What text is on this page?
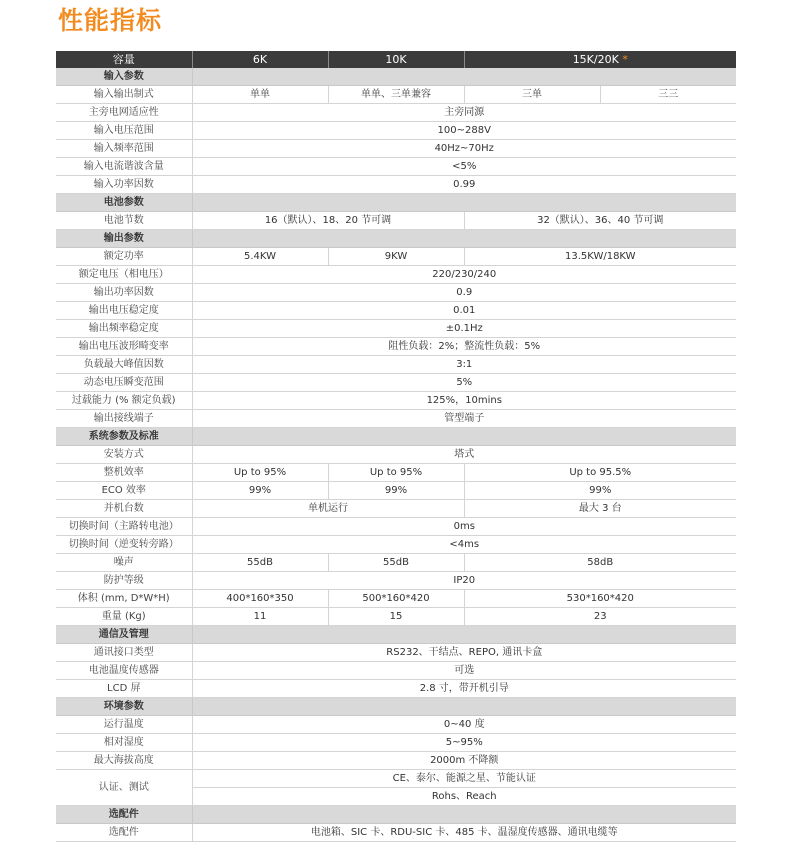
性能指标
容量	6K	10K	15K/20K *	
输入参数				
输入输出制式	单单	单单、三单兼容	三单	三三
主旁电网适应性	主旁同源			
输入电压范围	100~288V			
输入频率范围	40Hz~70Hz			
输入电流谐波含量	<5%			
输入功率因数	0.99			
电池参数				
电池节数	16（默认）、18、20 节可调		32（默认）、36、40 节可调	
输出参数				
额定功率	5.4KW	9KW	13.5KW/18KW	
额定电压（相电压）	220/230/240			
输出功率因数	0.9			
输出电压稳定度	0.01			
输出频率稳定度	±0.1Hz			
输出电压波形畸变率	阻性负载：2%；整流性负载：5%			
负载最大峰值因数	3:1			
动态电压瞬变范围	5%			
过载能力 (% 额定负载)	125%，10mins			
输出接线端子	管型端子			
系统参数及标准				
安装方式	塔式			
整机效率	Up to 95%	Up to 95%	Up to 95.5%	
ECO 效率	99%	99%	99%	
并机台数	单机运行		最大 3 台	
切换时间（主路转电池）	0ms			
切换时间（逆变转旁路）	<4ms			
噪声	55dB	55dB	58dB	
防护等级	IP20			
体积 (mm, D*W*H)	400*160*350	500*160*420	530*160*420	
重量 (Kg)	11	15	23	
通信及管理				
通讯接口类型	RS232、干结点、REPO, 通讯卡盒			
电池温度传感器	可选			
LCD 屏	2.8 寸，带开机引导			
环境参数				
运行温度	0~40 度			
相对湿度	5~95%			
最大海拔高度	2000m 不降额			
认证、测试	CE、泰尔、能源之星、节能认证			
	Rohs、Reach			
选配件				
选配件	电池箱、SIC 卡、RDU-SIC 卡、485 卡、温湿度传感器、通讯电缆等			
